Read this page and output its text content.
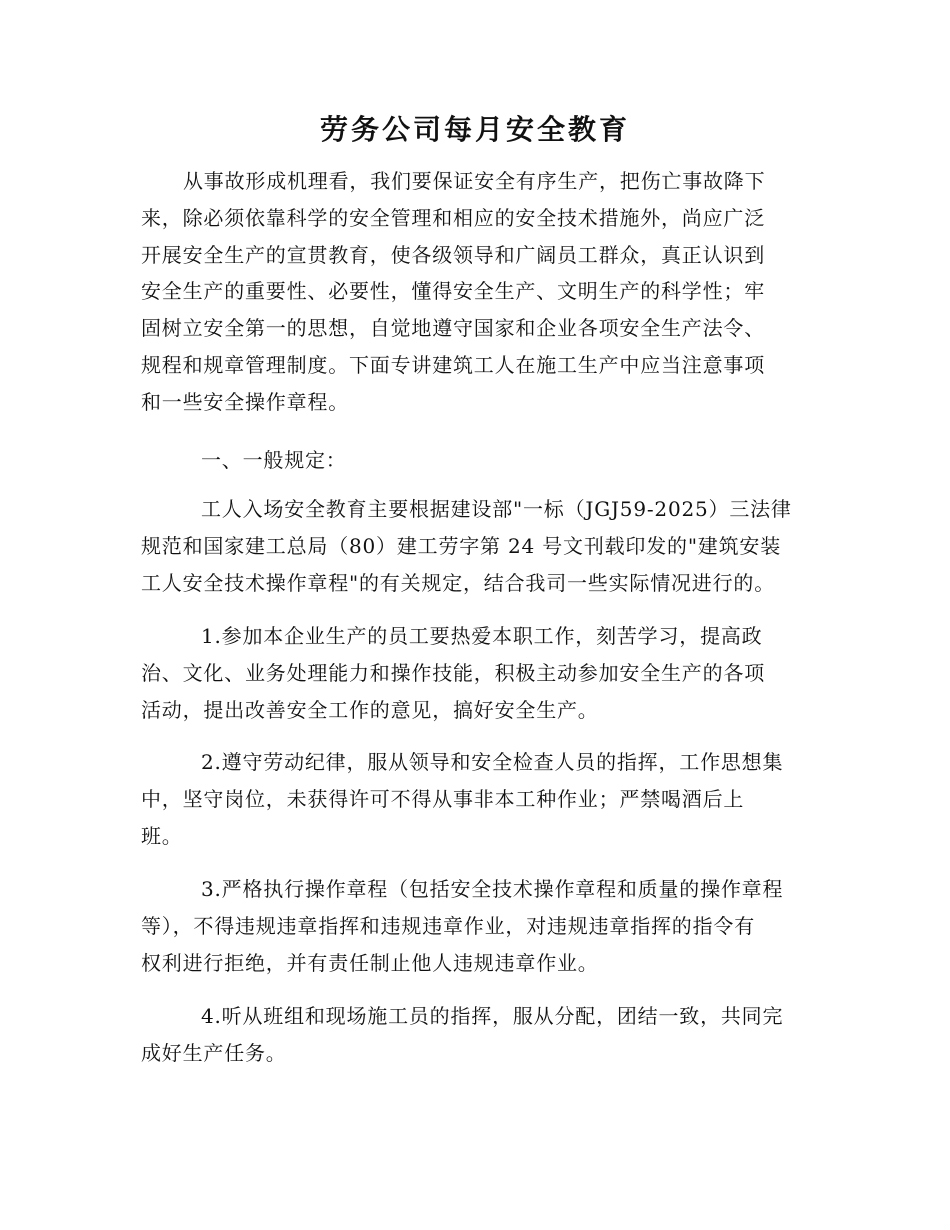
劳务公司每月安全教育

从事故形成机理看，我们要保证安全有序生产，把伤亡事故降下
来，除必须依靠科学的安全管理和相应的安全技术措施外，尚应广泛
开展安全生产的宣贯教育，使各级领导和广阔员工群众，真正认识到
安全生产的重要性、必要性，懂得安全生产、文明生产的科学性；牢
固树立安全第一的思想，自觉地遵守国家和企业各项安全生产法令、
规程和规章管理制度。下面专讲建筑工人在施工生产中应当注意事项
和一些安全操作章程。

一、一般规定：

工人入场安全教育主要根据建设部"一标（JGJ59-2025）三法律
规范和国家建工总局（80）建工劳字第 24 号文刊载印发的"建筑安装
工人安全技术操作章程"的有关规定，结合我司一些实际情况进行的。

1.参加本企业生产的员工要热爱本职工作，刻苦学习，提高政
治、文化、业务处理能力和操作技能，积极主动参加安全生产的各项
活动，提出改善安全工作的意见，搞好安全生产。

2.遵守劳动纪律，服从领导和安全检查人员的指挥，工作思想集
中，坚守岗位，未获得许可不得从事非本工种作业；严禁喝酒后上
班。

3.严格执行操作章程（包括安全技术操作章程和质量的操作章程
等），不得违规违章指挥和违规违章作业，对违规违章指挥的指令有
权利进行拒绝，并有责任制止他人违规违章作业。

4.听从班组和现场施工员的指挥，服从分配，团结一致，共同完
成好生产任务。
